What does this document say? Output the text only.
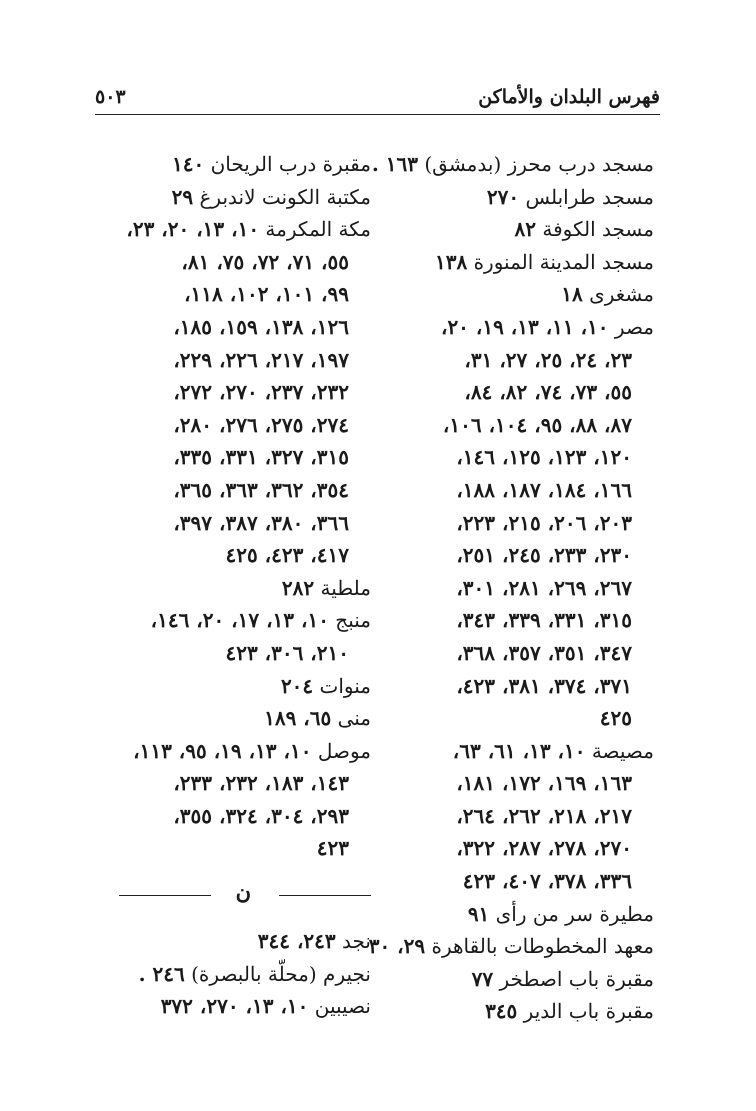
فهرس البلدان والأماكن
٥٠٣
مسجد درب محرز (بدمشق) ١٦٣ .
مسجد طرابلس ٢٧٠
مسجد الكوفة ٨٢
مسجد المدينة المنورة ١٣٨
مشغرى ١٨
مصر ١٠، ١١، ١٣، ١٩، ٢٠،
٢٣، ٢٤، ٢٥، ٢٧، ٣١،
٥٥، ٧٣، ٧٤، ٨٢، ٨٤،
٨٧، ٨٨، ٩٥، ١٠٤، ١٠٦،
١٢٠، ١٢٣، ١٢٥، ١٤٦،
١٦٦، ١٨٤، ١٨٧، ١٨٨،
٢٠٣، ٢٠٦، ٢١٥، ٢٢٣،
٢٣٠، ٢٣٣، ٢٤٥، ٢٥١،
٢٦٧، ٢٦٩، ٢٨١، ٣٠١،
٣١٥، ٣٣١، ٣٣٩، ٣٤٣،
٣٤٧، ٣٥١، ٣٥٧، ٣٦٨،
٣٧١، ٣٧٤، ٣٨١، ٤٢٣،
٤٢٥
مصيصة ١٠، ١٣، ٦١، ٦٣،
١٦٣، ١٦٩، ١٧٢، ١٨١،
٢١٧، ٢١٨، ٢٦٢، ٢٦٤،
٢٧٠، ٢٧٨، ٢٨٧، ٣٢٢،
٣٣٦، ٣٧٨، ٤٠٧، ٤٢٣
مطيرة سر من رأى ٩١
معهد المخطوطات بالقاهرة ٢٩، ٣٠
مقبرة باب اصطخر ٧٧
مقبرة باب الدير ٣٤٥
مقبرة درب الريحان ١٤٠
مكتبة الكونت لاندبرغ ٢٩
مكة المكرمة ١٠، ١٣، ٢٠، ٢٣،
٥٥، ٧١، ٧٢، ٧٥، ٨١،
٩٩، ١٠١، ١٠٢، ١١٨،
١٢٦، ١٣٨، ١٥٩، ١٨٥،
١٩٧، ٢١٧، ٢٢٦، ٢٢٩،
٢٣٢، ٢٣٧، ٢٧٠، ٢٧٢،
٢٧٤، ٢٧٥، ٢٧٦، ٢٨٠،
٣١٥، ٣٢٧، ٣٣١، ٣٣٥،
٣٥٤، ٣٦٢، ٣٦٣، ٣٦٥،
٣٦٦، ٣٨٠، ٣٨٧، ٣٩٧،
٤١٧، ٤٢٣، ٤٢٥
ملطية ٢٨٢
منبج ١٠، ١٣، ١٧، ٢٠، ١٤٦،
٢١٠، ٣٠٦، ٤٢٣
منوات ٢٠٤
منى ٦٥، ١٨٩
موصل ١٠، ١٣، ١٩، ٩٥، ١١٣،
١٤٣، ١٨٣، ٢٣٢، ٢٣٣،
٢٩٣، ٣٠٤، ٣٢٤، ٣٥٥،
٤٢٣
ن
نجد ٢٤٣، ٣٤٤
نجيرم (محلّة بالبصرة) ٢٤٦ .
نصيبين ١٠، ١٣، ٢٧٠، ٣٧٢
